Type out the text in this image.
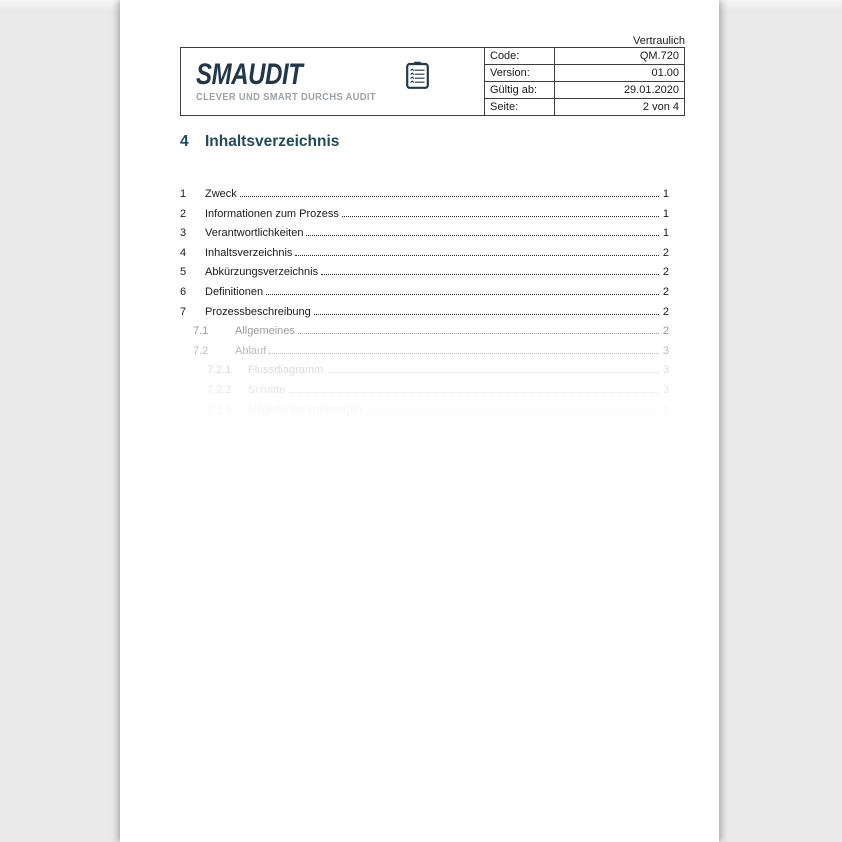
Vertraulich
SMAUDIT
CLEVER UND SMART DURCHS AUDIT
Code:	QM.720
Version:	01.00
Gültig ab:	29.01.2020
Seite:	2 von 4
4 Inhaltsverzeichnis
1	Zweck	1
2	Informationen zum Prozess	1
3	Verantwortlichkeiten	1
4	Inhaltsverzeichnis	2
5	Abkürzungsverzeichnis	2
6	Definitionen	2
7	Prozessbeschreibung	2
7.1	Allgemeines	2
7.2	Ablauf	3
7.2.1	Flussdiagramm	3
7.2.2	Schritte	3
